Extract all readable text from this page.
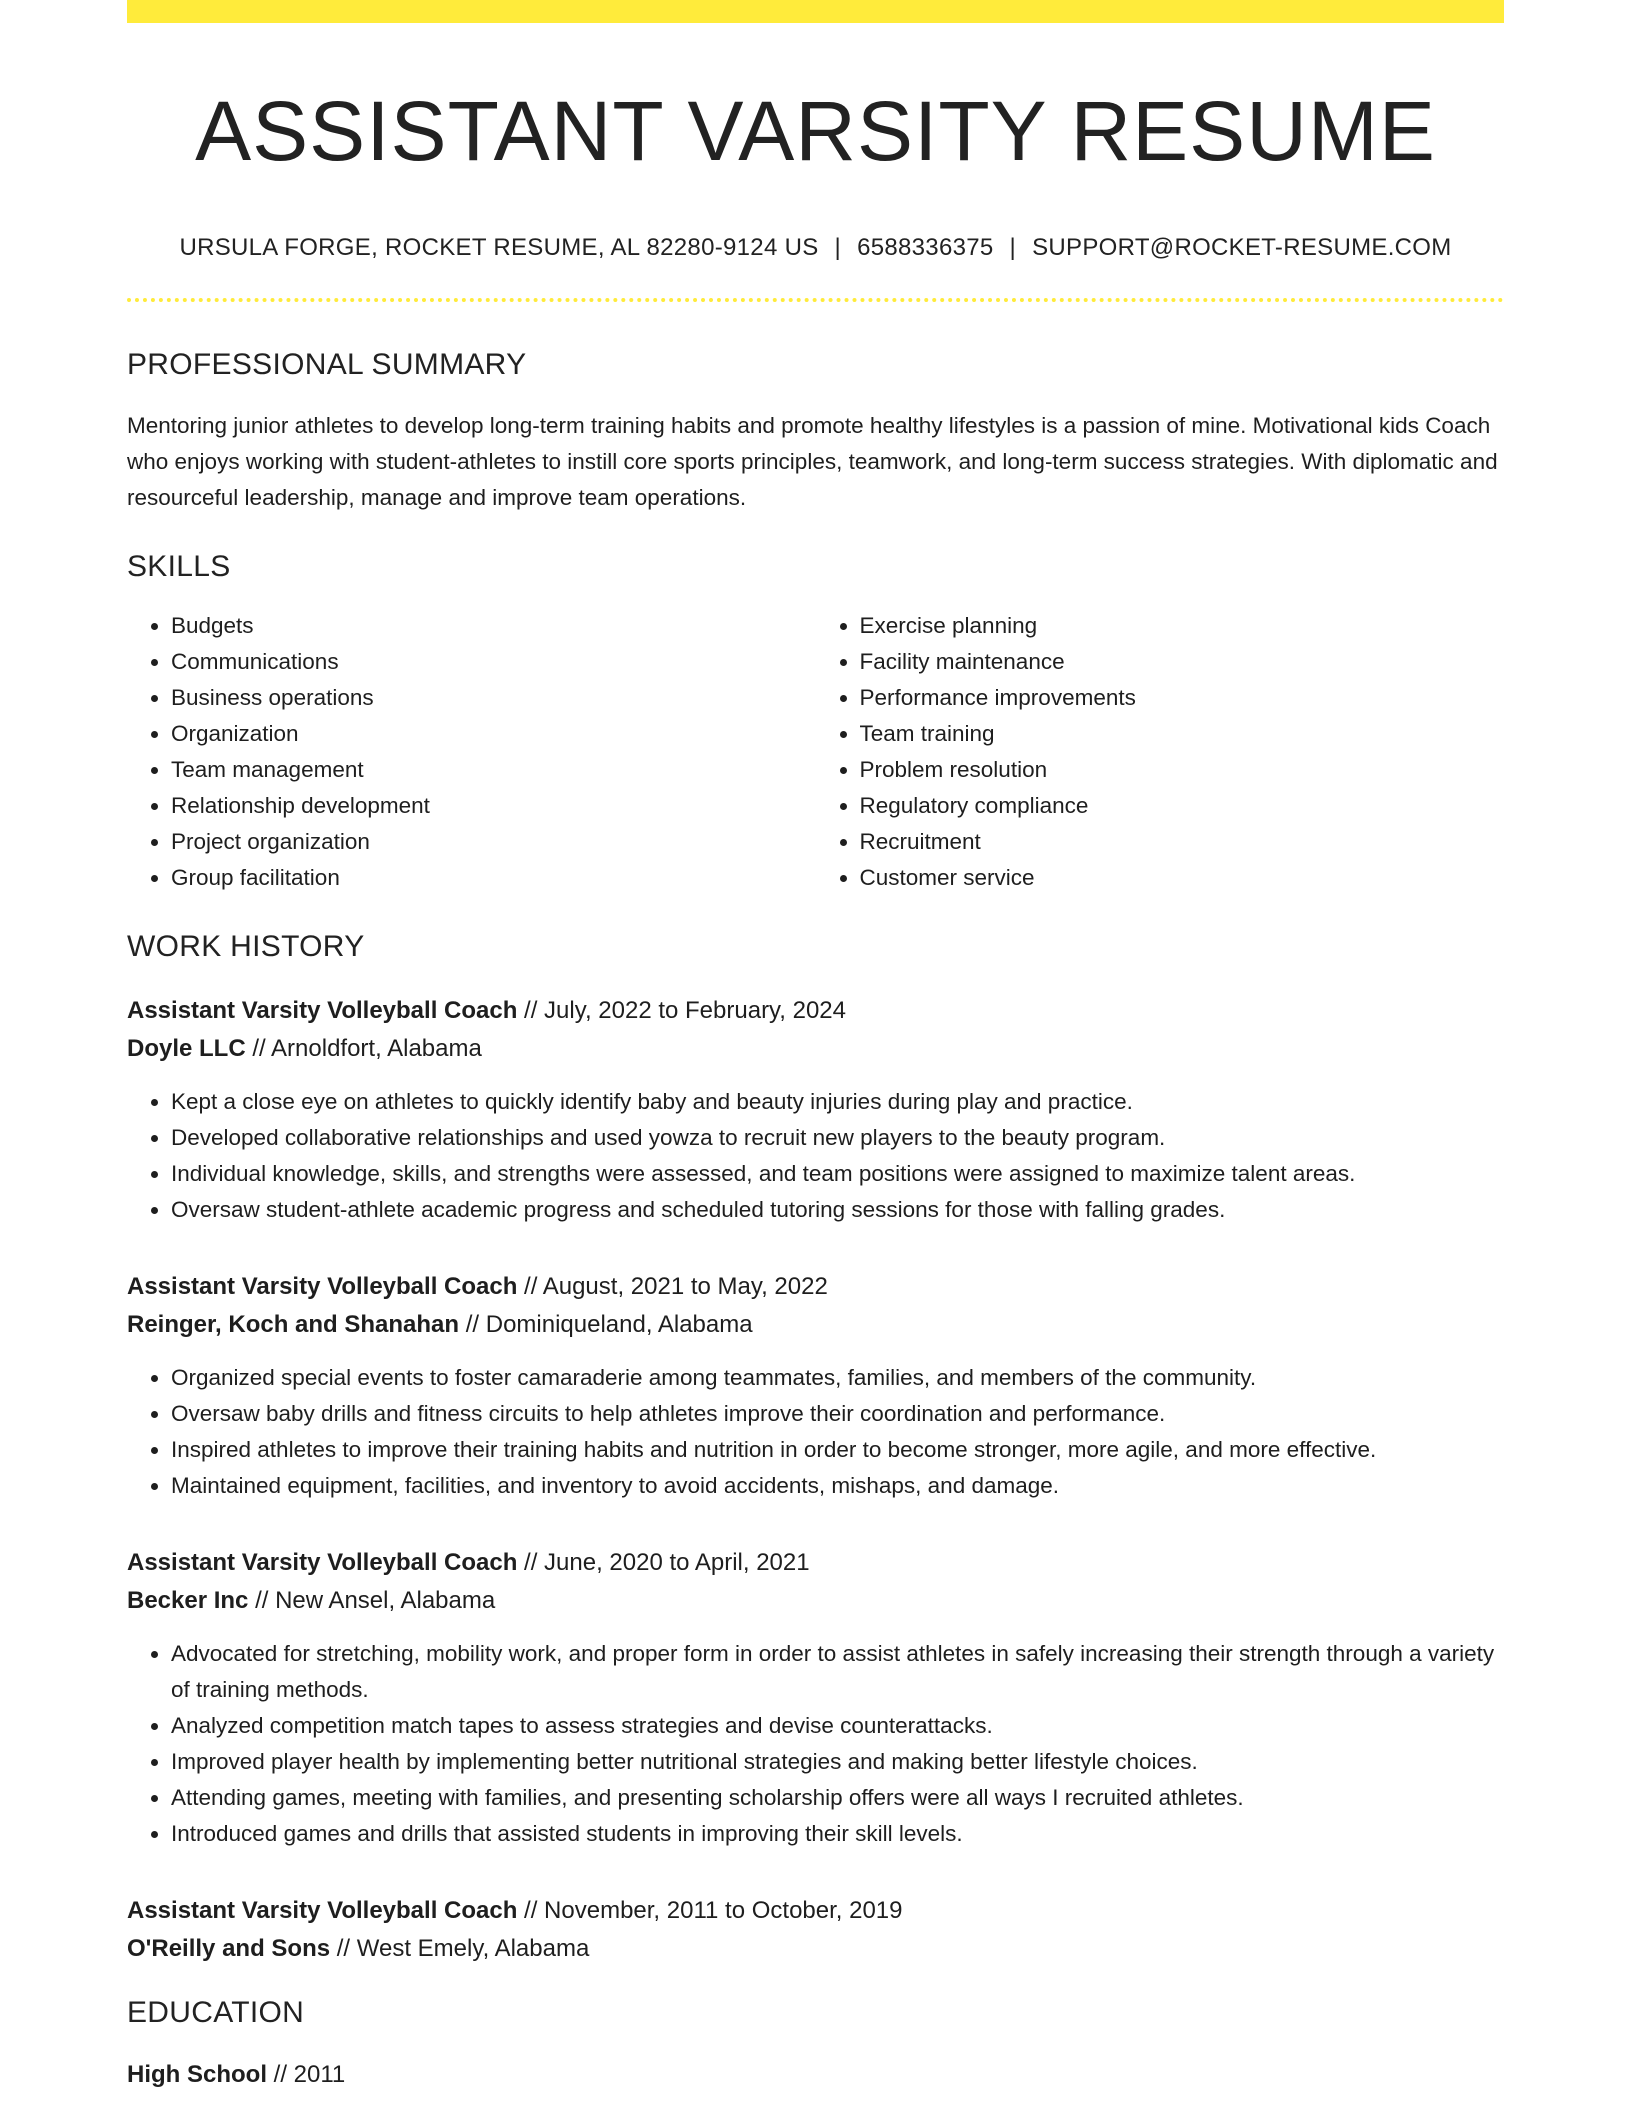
ASSISTANT VARSITY RESUME
URSULA FORGE, ROCKET RESUME, AL 82280-9124 US | 6588336375 | SUPPORT@ROCKET-RESUME.COM
PROFESSIONAL SUMMARY
Mentoring junior athletes to develop long-term training habits and promote healthy lifestyles is a passion of mine. Motivational kids Coach who enjoys working with student-athletes to instill core sports principles, teamwork, and long-term success strategies. With diplomatic and resourceful leadership, manage and improve team operations.
SKILLS
• Budgets
• Communications
• Business operations
• Organization
• Team management
• Relationship development
• Project organization
• Group facilitation
• Exercise planning
• Facility maintenance
• Performance improvements
• Team training
• Problem resolution
• Regulatory compliance
• Recruitment
• Customer service
WORK HISTORY
Assistant Varsity Volleyball Coach // July, 2022 to February, 2024
Doyle LLC // Arnoldfort, Alabama
• Kept a close eye on athletes to quickly identify baby and beauty injuries during play and practice.
• Developed collaborative relationships and used yowza to recruit new players to the beauty program.
• Individual knowledge, skills, and strengths were assessed, and team positions were assigned to maximize talent areas.
• Oversaw student-athlete academic progress and scheduled tutoring sessions for those with falling grades.
Assistant Varsity Volleyball Coach // August, 2021 to May, 2022
Reinger, Koch and Shanahan // Dominiqueland, Alabama
• Organized special events to foster camaraderie among teammates, families, and members of the community.
• Oversaw baby drills and fitness circuits to help athletes improve their coordination and performance.
• Inspired athletes to improve their training habits and nutrition in order to become stronger, more agile, and more effective.
• Maintained equipment, facilities, and inventory to avoid accidents, mishaps, and damage.
Assistant Varsity Volleyball Coach // June, 2020 to April, 2021
Becker Inc // New Ansel, Alabama
• Advocated for stretching, mobility work, and proper form in order to assist athletes in safely increasing their strength through a variety of training methods.
• Analyzed competition match tapes to assess strategies and devise counterattacks.
• Improved player health by implementing better nutritional strategies and making better lifestyle choices.
• Attending games, meeting with families, and presenting scholarship offers were all ways I recruited athletes.
• Introduced games and drills that assisted students in improving their skill levels.
Assistant Varsity Volleyball Coach // November, 2011 to October, 2019
O'Reilly and Sons // West Emely, Alabama
EDUCATION
High School // 2011
